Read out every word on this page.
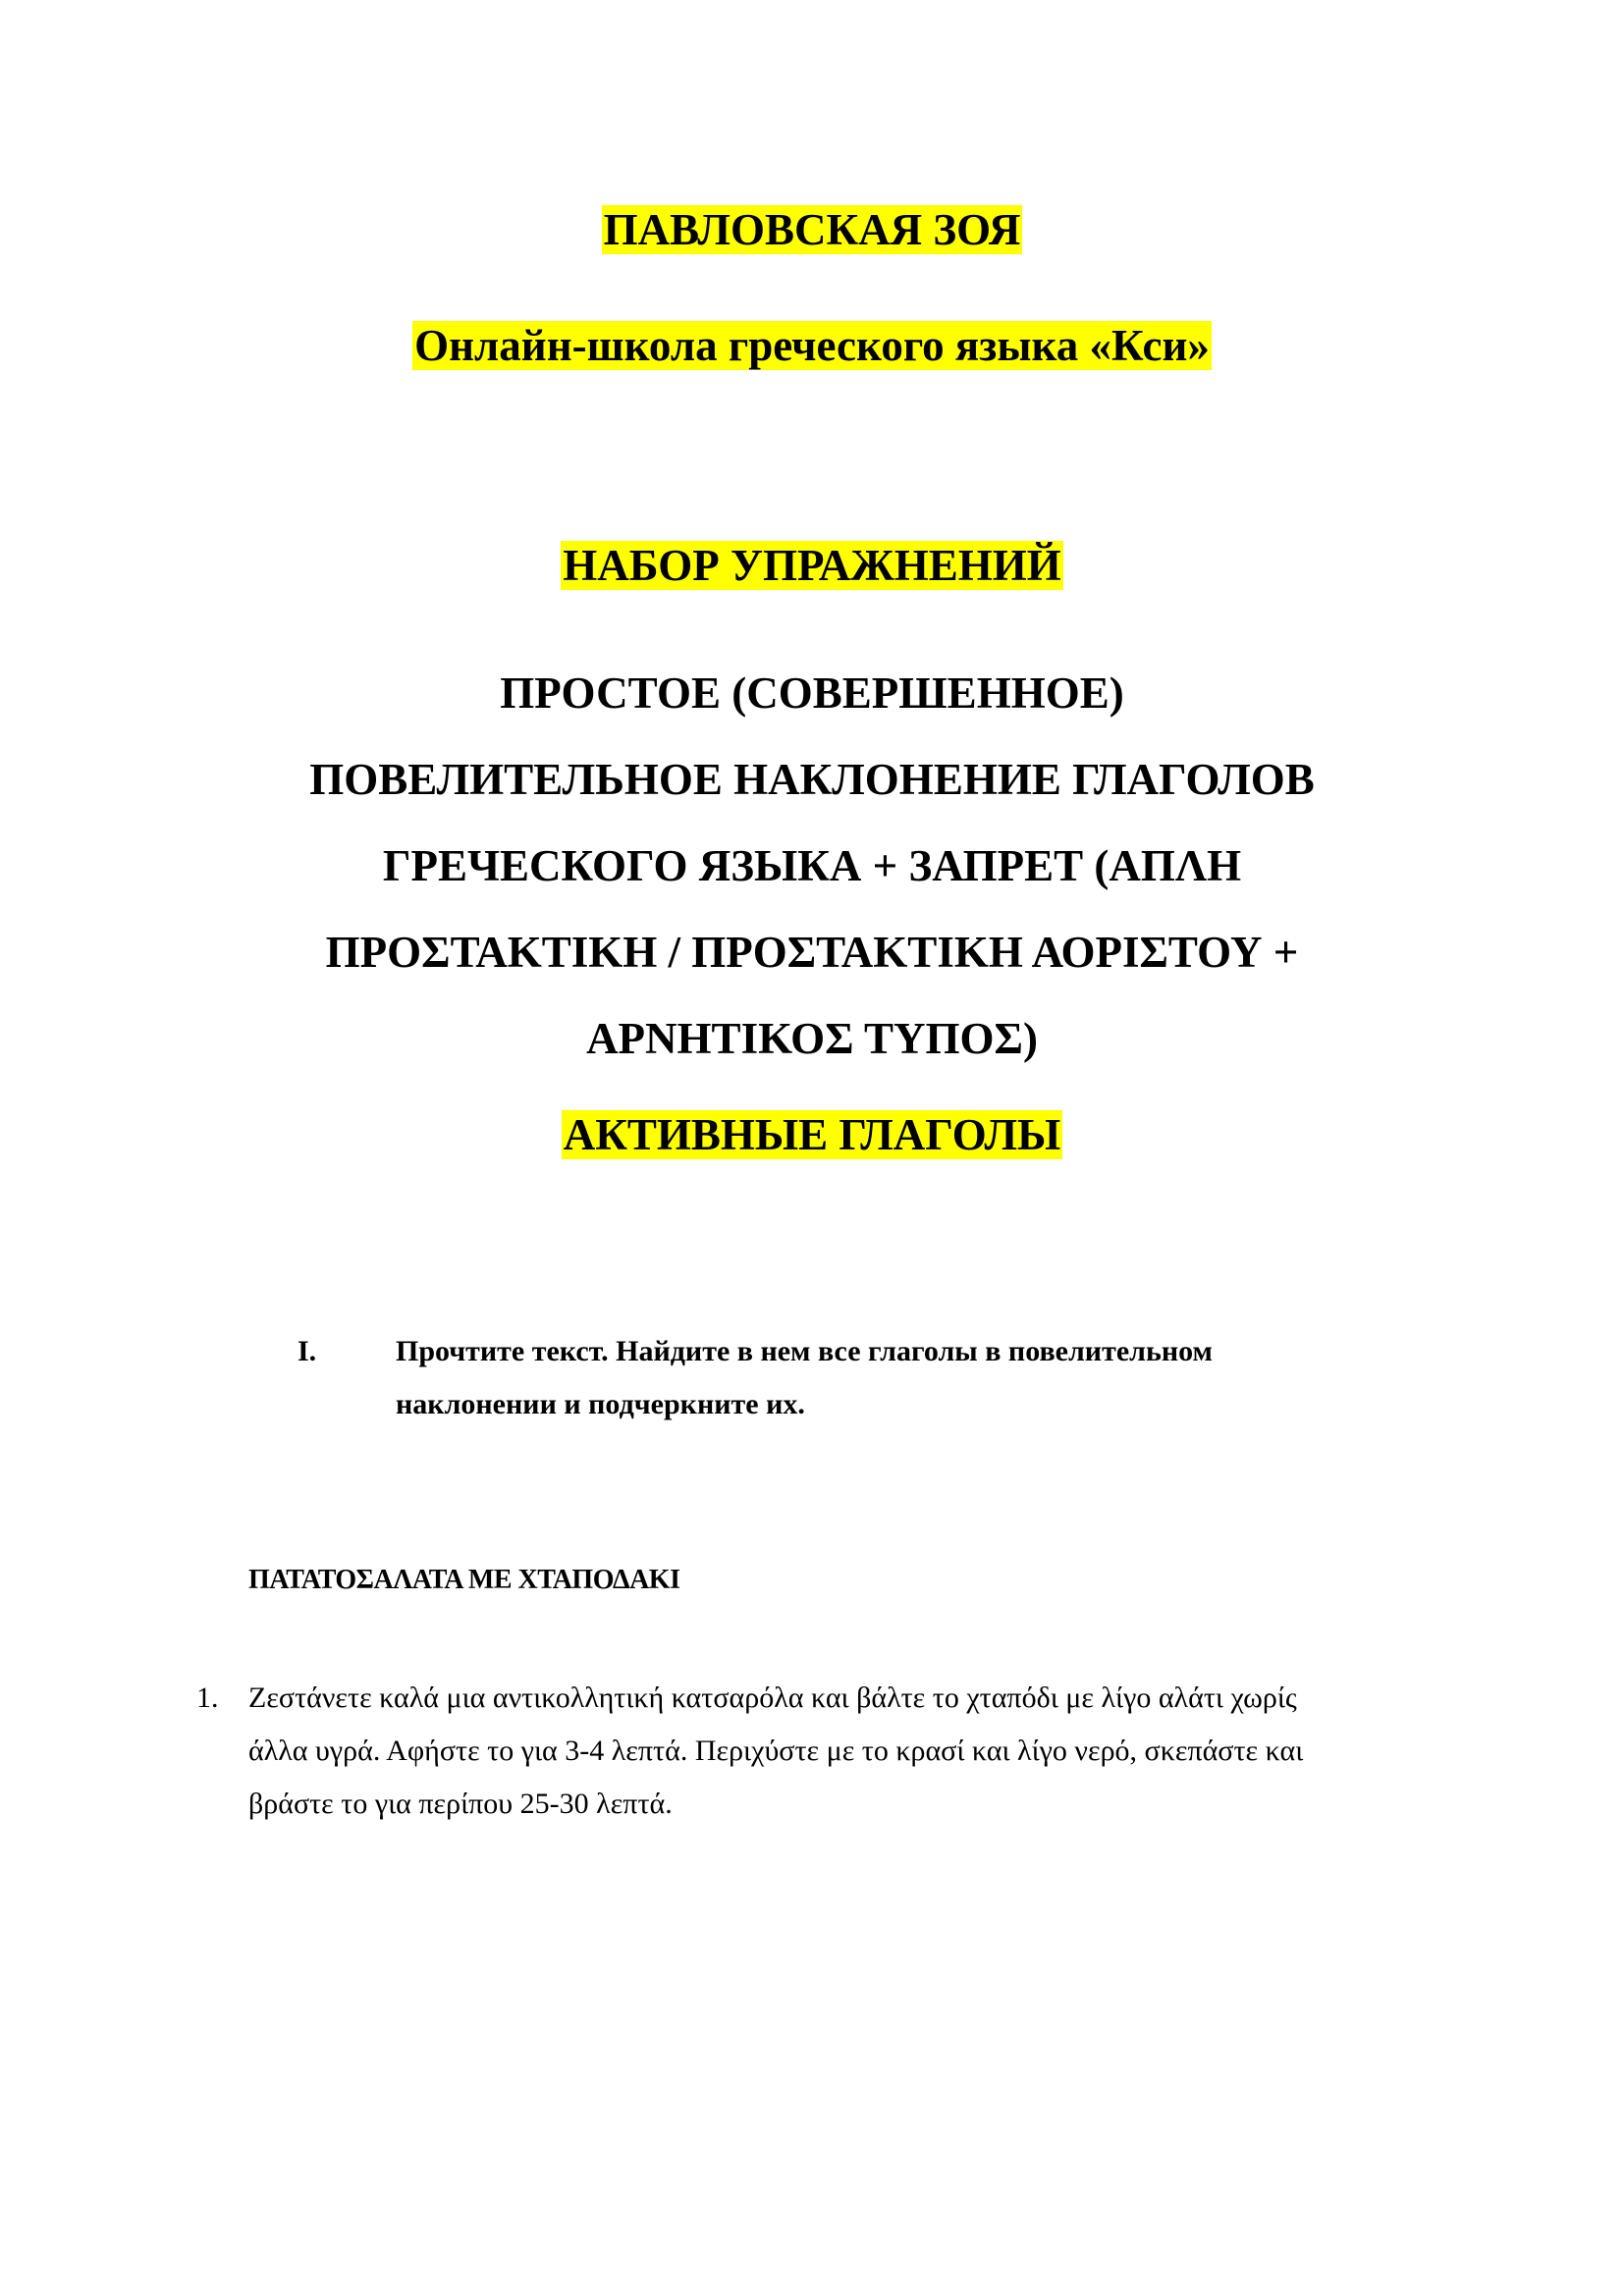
ПАВЛОВСКАЯ ЗОЯ
Онлайн-школа греческого языка «Кси»
НАБОР УПРАЖНЕНИЙ
ПРОСТОЕ (СОВЕРШЕННОЕ)
ПОВЕЛИТЕЛЬНОЕ НАКЛОНЕНИЕ ГЛАГОЛОВ
ГРЕЧЕСКОГО ЯЗЫКА + ЗАПРЕТ (ΑΠΛΗ
ΠΡΟΣΤΑΚΤΙΚΗ / ΠΡΟΣΤΑΚΤΙΚΗ ΑΟΡΙΣΤΟΥ +
ΑΡΝΗΤΙΚΟΣ ΤΥΠΟΣ)
АКТИВНЫЕ ГЛАГОЛЫ
I.	Прочтите текст. Найдите в нем все глаголы в повелительном наклонении и подчеркните их.
ΠΑΤΑΤΟΣΑΛΑΤΑ ΜΕ ΧΤΑΠΟΔΑΚΙ
1. Ζεστάνετε καλά μια αντικολλητική κατσαρόλα και βάλτε το χταπόδι με λίγο αλάτι χωρίς άλλα υγρά. Αφήστε το για 3-4 λεπτά. Περιχύστε με το κρασί και λίγο νερό, σκεπάστε και βράστε το για περίπου 25-30 λεπτά.
